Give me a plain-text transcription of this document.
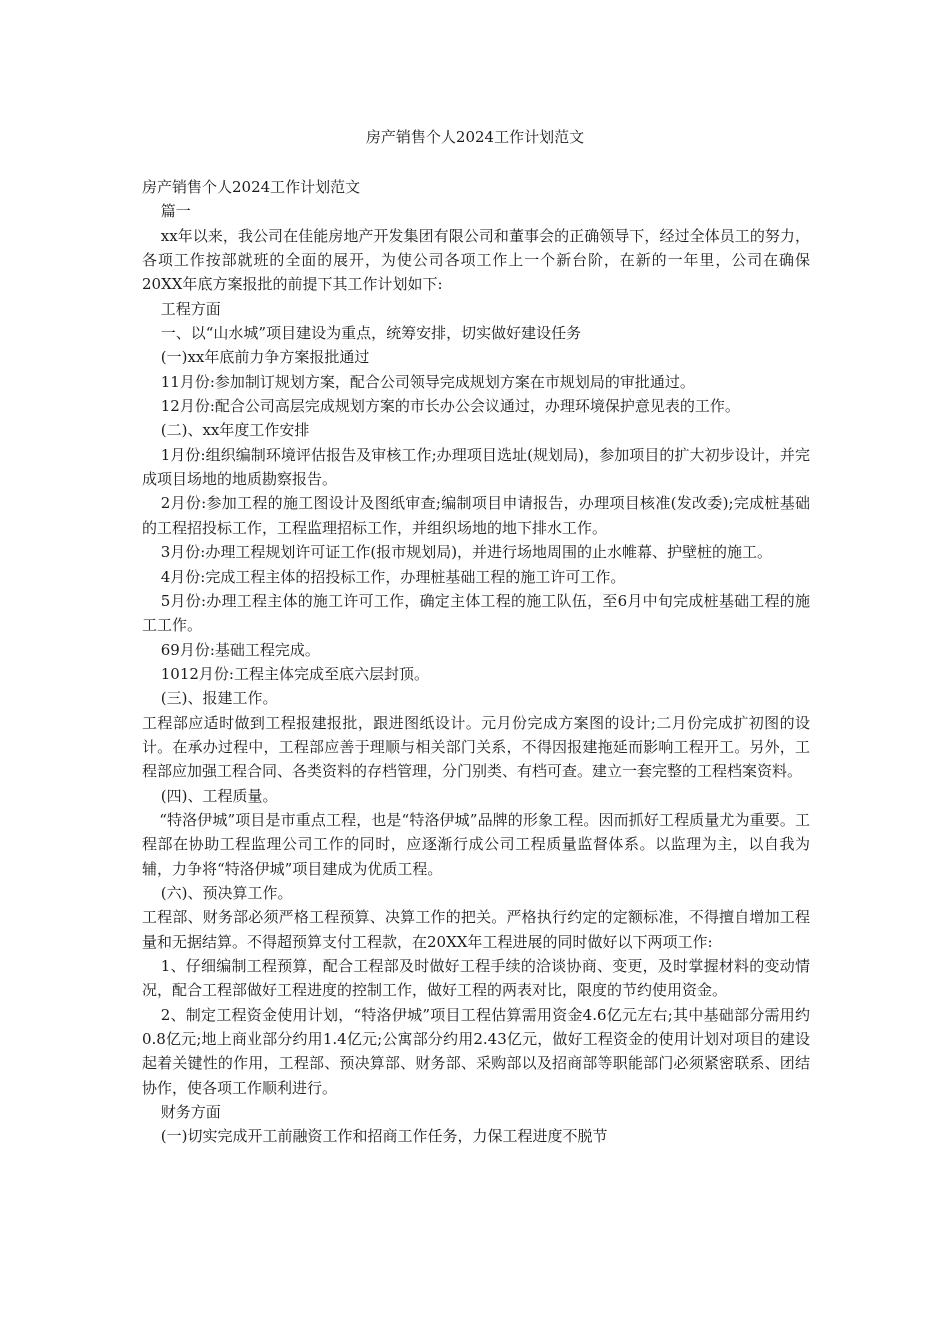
房产销售个人2024工作计划范文

房产销售个人2024工作计划范文

篇一

xx年以来，我公司在佳能房地产开发集团有限公司和董事会的正确领导下，经过全体员工的努力，各项工作按部就班的全面的展开，为使公司各项工作上一个新台阶，在新的一年里，公司在确保20XX年底方案报批的前提下其工作计划如下:

工程方面

一、以“山水城”项目建设为重点，统筹安排，切实做好建设任务

(一)xx年底前力争方案报批通过

11月份:参加制订规划方案，配合公司领导完成规划方案在市规划局的审批通过。

12月份:配合公司高层完成规划方案的市长办公会议通过，办理环境保护意见表的工作。

(二)、xx年度工作安排

1月份:组织编制环境评估报告及审核工作;办理项目选址(规划局)，参加项目的扩大初步设计，并完成项目场地的地质勘察报告。

2月份:参加工程的施工图设计及图纸审查;编制项目申请报告，办理项目核准(发改委);完成桩基础的工程招投标工作，工程监理招标工作，并组织场地的地下排水工作。

3月份:办理工程规划许可证工作(报市规划局)，并进行场地周围的止水帷幕、护壁桩的施工。

4月份:完成工程主体的招投标工作，办理桩基础工程的施工许可工作。

5月份:办理工程主体的施工许可工作，确定主体工程的施工队伍，至6月中旬完成桩基础工程的施工工作。

69月份:基础工程完成。

1012月份:工程主体完成至底六层封顶。

(三)、报建工作。

工程部应适时做到工程报建报批，跟进图纸设计。元月份完成方案图的设计;二月份完成扩初图的设计。在承办过程中，工程部应善于理顺与相关部门关系，不得因报建拖延而影响工程开工。另外，工程部应加强工程合同、各类资料的存档管理，分门别类、有档可查。建立一套完整的工程档案资料。

(四)、工程质量。

“特洛伊城”项目是市重点工程，也是“特洛伊城”品牌的形象工程。因而抓好工程质量尤为重要。工程部在协助工程监理公司工作的同时，应逐渐行成公司工程质量监督体系。以监理为主，以自我为辅，力争将“特洛伊城”项目建成为优质工程。

(六)、预决算工作。

工程部、财务部必须严格工程预算、决算工作的把关。严格执行约定的定额标准，不得擅自增加工程量和无据结算。不得超预算支付工程款，在20XX年工程进展的同时做好以下两项工作:

1、仔细编制工程预算，配合工程部及时做好工程手续的洽谈协商、变更，及时掌握材料的变动情况，配合工程部做好工程进度的控制工作，做好工程的两表对比，限度的节约使用资金。

2、制定工程资金使用计划，“特洛伊城”项目工程估算需用资金4.6亿元左右;其中基础部分需用约0.8亿元;地上商业部分约用1.4亿元;公寓部分约用2.43亿元，做好工程资金的使用计划对项目的建设起着关键性的作用，工程部、预决算部、财务部、采购部以及招商部等职能部门必须紧密联系、团结协作，使各项工作顺利进行。

财务方面

(一)切实完成开工前融资工作和招商工作任务，力保工程进度不脱节
